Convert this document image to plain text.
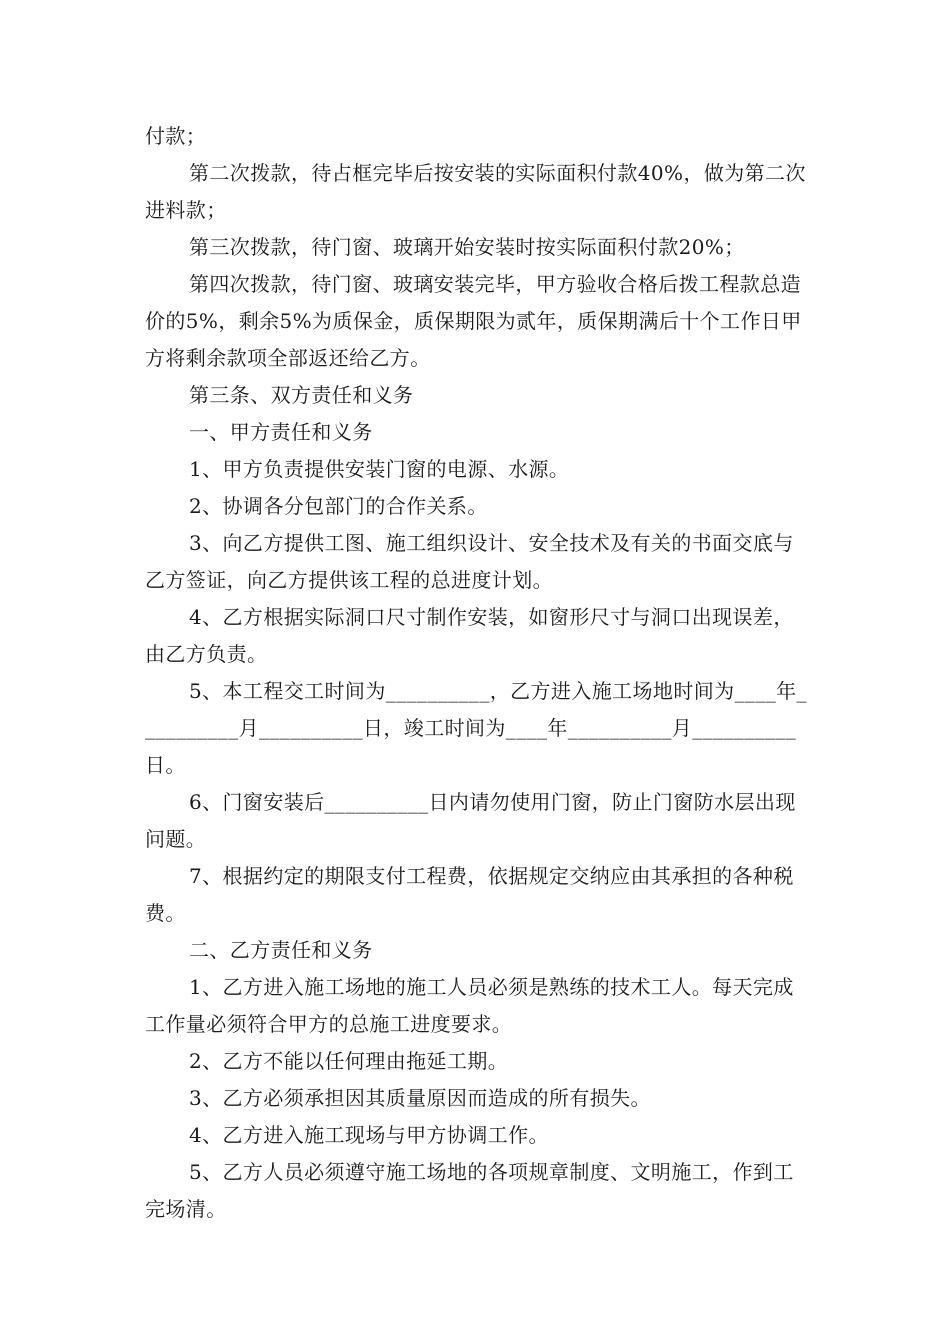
付款；

第二次拨款，待占框完毕后按安装的实际面积付款40%，做为第二次进料款；

第三次拨款，待门窗、玻璃开始安装时按实际面积付款20%；

第四次拨款，待门窗、玻璃安装完毕，甲方验收合格后拨工程款总造价的5%，剩余5%为质保金，质保期限为贰年，质保期满后十个工作日甲方将剩余款项全部返还给乙方。

第三条、双方责任和义务

一、甲方责任和义务

1、甲方负责提供安装门窗的电源、水源。

2、协调各分包部门的合作关系。

3、向乙方提供工图、施工组织设计、安全技术及有关的书面交底与乙方签证，向乙方提供该工程的总进度计划。

4、乙方根据实际洞口尺寸制作安装，如窗形尺寸与洞口出现误差，由乙方负责。

5、本工程交工时间为__________，乙方进入施工场地时间为____年__________月__________日，竣工时间为____年__________月__________日。

6、门窗安装后__________日内请勿使用门窗，防止门窗防水层出现问题。

7、根据约定的期限支付工程费，依据规定交纳应由其承担的各种税费。

二、乙方责任和义务

1、乙方进入施工场地的施工人员必须是熟练的技术工人。每天完成工作量必须符合甲方的总施工进度要求。

2、乙方不能以任何理由拖延工期。

3、乙方必须承担因其质量原因而造成的所有损失。

4、乙方进入施工现场与甲方协调工作。

5、乙方人员必须遵守施工场地的各项规章制度、文明施工，作到工完场清。
